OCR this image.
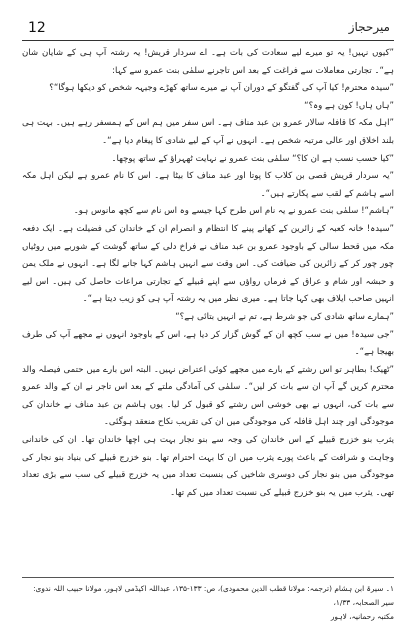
12	میرحجاز

”کیوں نہیں! یہ تو میرے لیے سعادت کی بات ہے۔ اے سردار قریش! یہ رشتہ آپ ہی کے شایان شان ہے“۔ تجارتی معاملات سے فراغت کے بعد اس تاجرنے سلمٰی بنت عمرو سے کہا:

”سیدہ محترم! کیا آپ کی گفتگو کے دوران آپ نے میرے ساتھ کھڑے وجیہہ شخص کو دیکھا ہوگا“؟

”ہاں ہاں! کون ہے وہ؟“

”اہل مکہ کا قافلہ سالار عمرو بن عبد مناف ہے۔ اس سفر میں ہم اس کے ہمسفر رہے ہیں۔ بہت ہی بلند اخلاق اور عالی مرتبہ شخص ہے۔ انہوں نے آپ کے لیے شادی کا پیغام دیا ہے“۔

”کیا حسب نسب ہے ان کا؟“ سلمٰی بنت عمرو نے نہایت ٹھہراؤ کے ساتھ پوچھا۔

”یہ سردار قریش قصی بن کلاب کا پوتا اور عبد مناف کا بیٹا ہے۔ اس کا نام عمرو ہے لیکن اہل مکہ اسے ہاشم کے لقب سے پکارتے ہیں“۔

”ہاشم“! سلمٰی بنت عمرو نے یہ نام اس طرح کہا جیسے وہ اس نام سے کچھ مانوس ہو۔

”سیدہ! خانہ کعبہ کے زائرین کے کھانے پینے کا انتظام و انصرام ان کے خاندان کی فضیلت ہے۔ ایک دفعہ مکہ میں قحط سالی کے باوجود عمرو بن عبد مناف نے فراخ دلی کے ساتھ گوشت کے شوربے میں روٹیاں چور چور کر کے زائرین کی ضیافت کی۔ اس وقت سے انہیں ہاشم کہا جانے لگا ہے۔ انہوں نے ملک یمن و حبشہ اور شام و عراق کے فرماں رواؤں سے اپنے قبیلے کے تجارتی مراعات حاصل کی ہیں۔ اس لیے انہیں صاحب ایلاف بھی کہا جاتا ہے۔ میری نظر میں یہ رشتہ آپ ہی کو زیب دیتا ہے“۔

”ہمارے ساتھ شادی کی جو شرط ہے، تم نے انہیں بتائی ہے؟“

”جی سیدہ! میں نے سب کچھ ان کے گوش گزار کر دیا ہے، اس کے باوجود انہوں نے مجھے آپ کی طرف بھیجا ہے“۔

”ٹھیک! بطاہر تو اس رشتے کے بارے میں مجھے کوئی اعتراض نہیں۔ البتہ اس بارے میں حتمی فیصلہ والد محترم کریں گے آپ ان سے بات کر لیں“۔ سلمٰی کی آمادگی ملتے کے بعد اس تاجر نے ان کے والد عمرو سے بات کی، انہوں نے بھی خوشی اس رشتے کو قبول کر لیا۔ یوں ہاشم بن عبد مناف نے خاندان کی موجودگی اور چند اہل قافلہ کی موجودگی میں ان کی تقریب نکاح منعقد ہوگئی۔

یثرب بنو خزرج قبیلے کے اس خاندان کی وجہ سے بنو نجار بہت ہی اچھا خاندان تھا۔ ان کی خاندانی وجاہت و شرافت کے باعث پورے یثرب میں ان کا بہت احترام تھا۔ بنو خزرج قبیلے کی بنیاد بنو نجار کی موجودگی میں بنو نجار کی دوسری شاخیں کی بنسبت تعداد میں یہ خزرج قبیلے کی سب سے بڑی تعداد تھی۔ یثرب میں یہ بنو خزرج قبیلے کی نسبت تعداد میں کم تھا۔

۱۔ سیرۃ ابن ہشام (ترجمہ: مولانا قطب الدین محمودی)، ص: ۱۳۳-۱۳۵، عبداللہ اکیڈمی لاہور، مولانا حبیب اللہ ندوی: سیر الصحابہ، ۱/۳۳،

مکتبہ رحمانیہ، لاہور
